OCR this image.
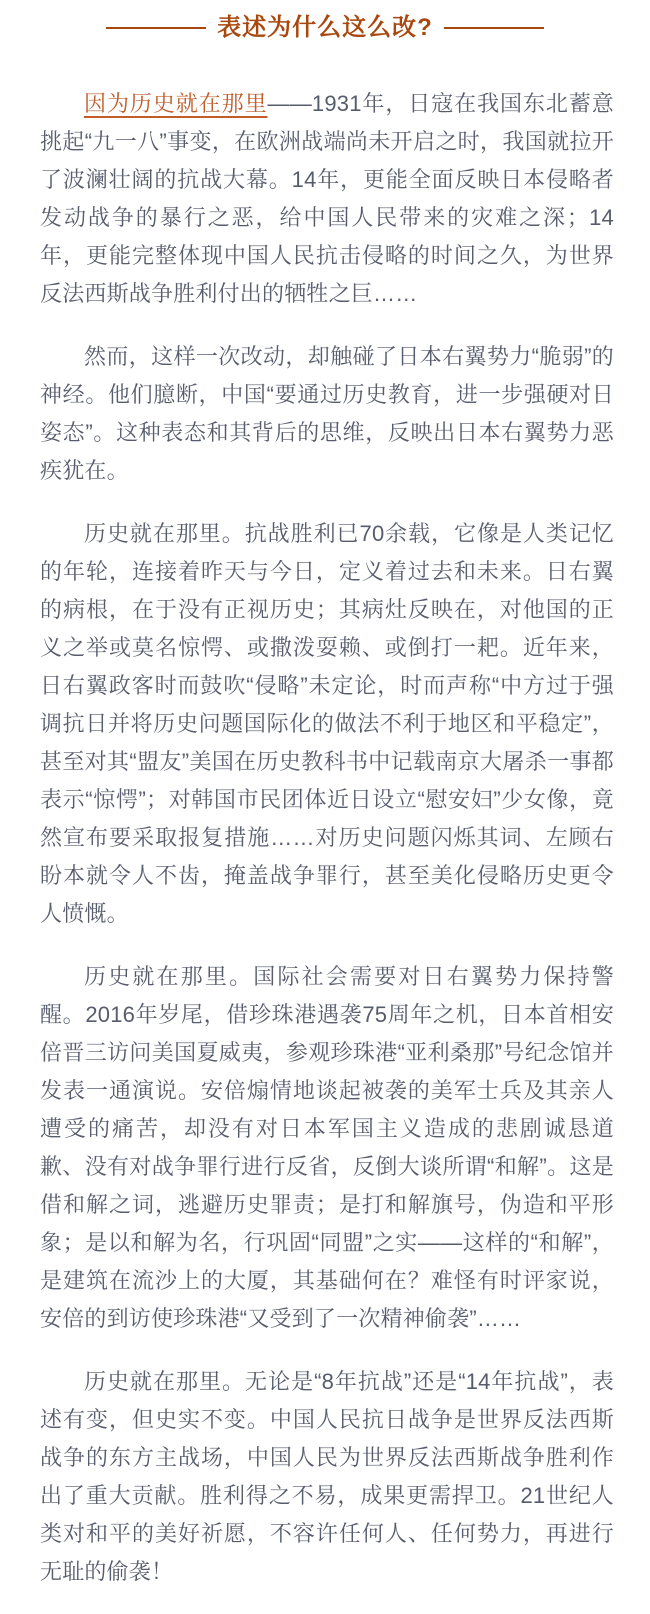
表述为什么这么改?

因为历史就在那里——1931年，日寇在我国东北蓄意挑起“九一八”事变，在欧洲战端尚未开启之时，我国就拉开了波澜壮阔的抗战大幕。14年，更能全面反映日本侵略者发动战争的暴行之恶，给中国人民带来的灾难之深；14年，更能完整体现中国人民抗击侵略的时间之久，为世界反法西斯战争胜利付出的牺牲之巨……

然而，这样一次改动，却触碰了日本右翼势力“脆弱”的神经。他们臆断，中国“要通过历史教育，进一步强硬对日姿态”。这种表态和其背后的思维，反映出日本右翼势力恶疾犹在。

历史就在那里。抗战胜利已70余载，它像是人类记忆的年轮，连接着昨天与今日，定义着过去和未来。日右翼的病根，在于没有正视历史；其病灶反映在，对他国的正义之举或莫名惊愕、或撒泼耍赖、或倒打一耙。近年来，日右翼政客时而鼓吹“侵略”未定论，时而声称“中方过于强调抗日并将历史问题国际化的做法不利于地区和平稳定”，甚至对其“盟友”美国在历史教科书中记载南京大屠杀一事都表示“惊愕”；对韩国市民团体近日设立“慰安妇”少女像，竟然宣布要采取报复措施……对历史问题闪烁其词、左顾右盼本就令人不齿，掩盖战争罪行，甚至美化侵略历史更令人愤慨。

历史就在那里。国际社会需要对日右翼势力保持警醒。2016年岁尾，借珍珠港遇袭75周年之机，日本首相安倍晋三访问美国夏威夷，参观珍珠港“亚利桑那”号纪念馆并发表一通演说。安倍煽情地谈起被袭的美军士兵及其亲人遭受的痛苦，却没有对日本军国主义造成的悲剧诚恳道歉、没有对战争罪行进行反省，反倒大谈所谓“和解”。这是借和解之词，逃避历史罪责；是打和解旗号，伪造和平形象；是以和解为名，行巩固“同盟”之实——这样的“和解”，是建筑在流沙上的大厦，其基础何在？难怪有时评家说，安倍的到访使珍珠港“又受到了一次精神偷袭”……

历史就在那里。无论是“8年抗战”还是“14年抗战”，表述有变，但史实不变。中国人民抗日战争是世界反法西斯战争的东方主战场，中国人民为世界反法西斯战争胜利作出了重大贡献。胜利得之不易，成果更需捍卫。21世纪人类对和平的美好祈愿，不容许任何人、任何势力，再进行无耻的偷袭！
